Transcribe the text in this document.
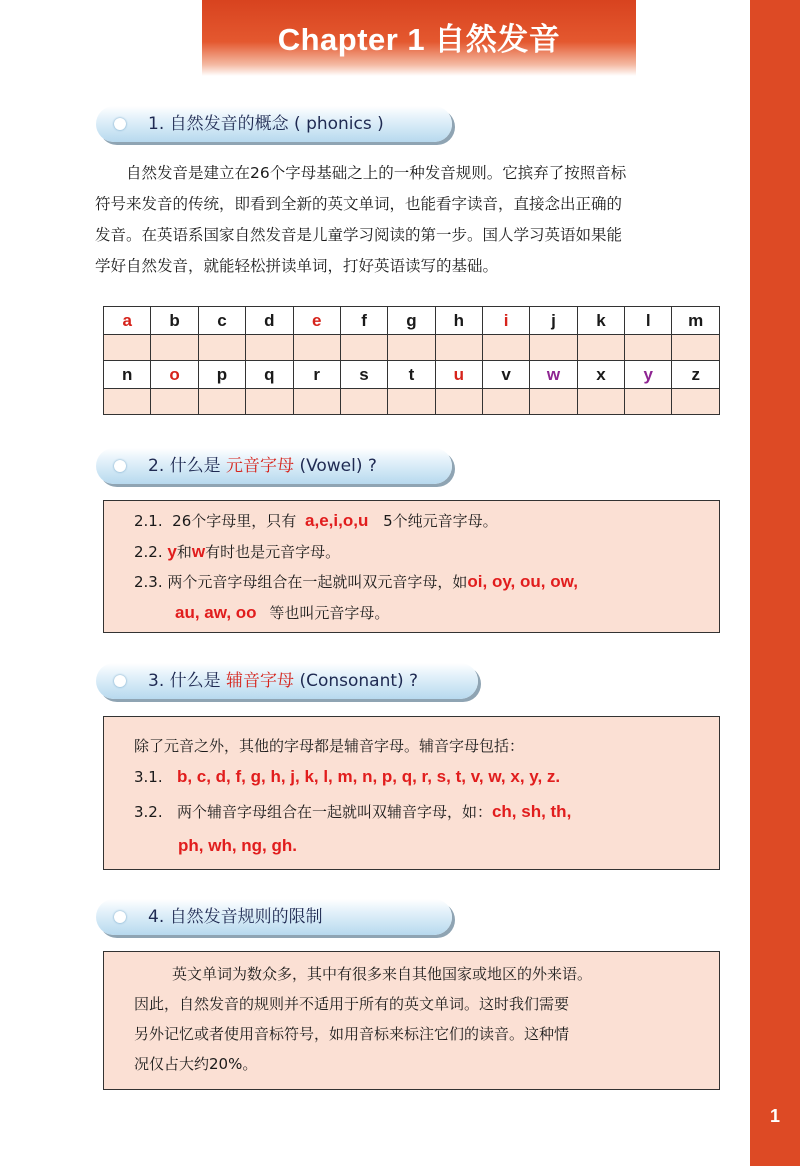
1
Chapter 1 自然发音
1. 自然发音的概念 ( phonics )
自然发音是建立在26个字母基础之上的一种发音规则。它摈弃了按照音标
符号来发音的传统，即看到全新的英文单词，也能看字读音，直接念出正确的
发音。在英语系国家自然发音是儿童学习阅读的第一步。国人学习英语如果能
学好自然发音，就能轻松拼读单词，打好英语读写的基础。
a	b	c	d	e	f	g	h	i	j	k	l	m

n	o	p	q	r	s	t	u	v	w	x	y	z

2. 什么是 元音字母 (Vowel) ?
2.1. 26个字母里，只有 a,e,i,o,u 5个纯元音字母。
2.2. y和w有时也是元音字母。
2.3. 两个元音字母组合在一起就叫双元音字母，如oi, oy, ou, ow,
au, aw, oo 等也叫元音字母。
3. 什么是 辅音字母 (Consonant) ?
除了元音之外，其他的字母都是辅音字母。辅音字母包括：
3.1. b, c, d, f, g, h, j, k, l, m, n, p, q, r, s, t, v, w, x, y, z.
3.2. 两个辅音字母组合在一起就叫双辅音字母，如：ch, sh, th,
ph, wh, ng, gh.
4. 自然发音规则的限制
英文单词为数众多，其中有很多来自其他国家或地区的外来语。
因此，自然发音的规则并不适用于所有的英文单词。这时我们需要
另外记忆或者使用音标符号，如用音标来标注它们的读音。这种情
况仅占大约20%。
